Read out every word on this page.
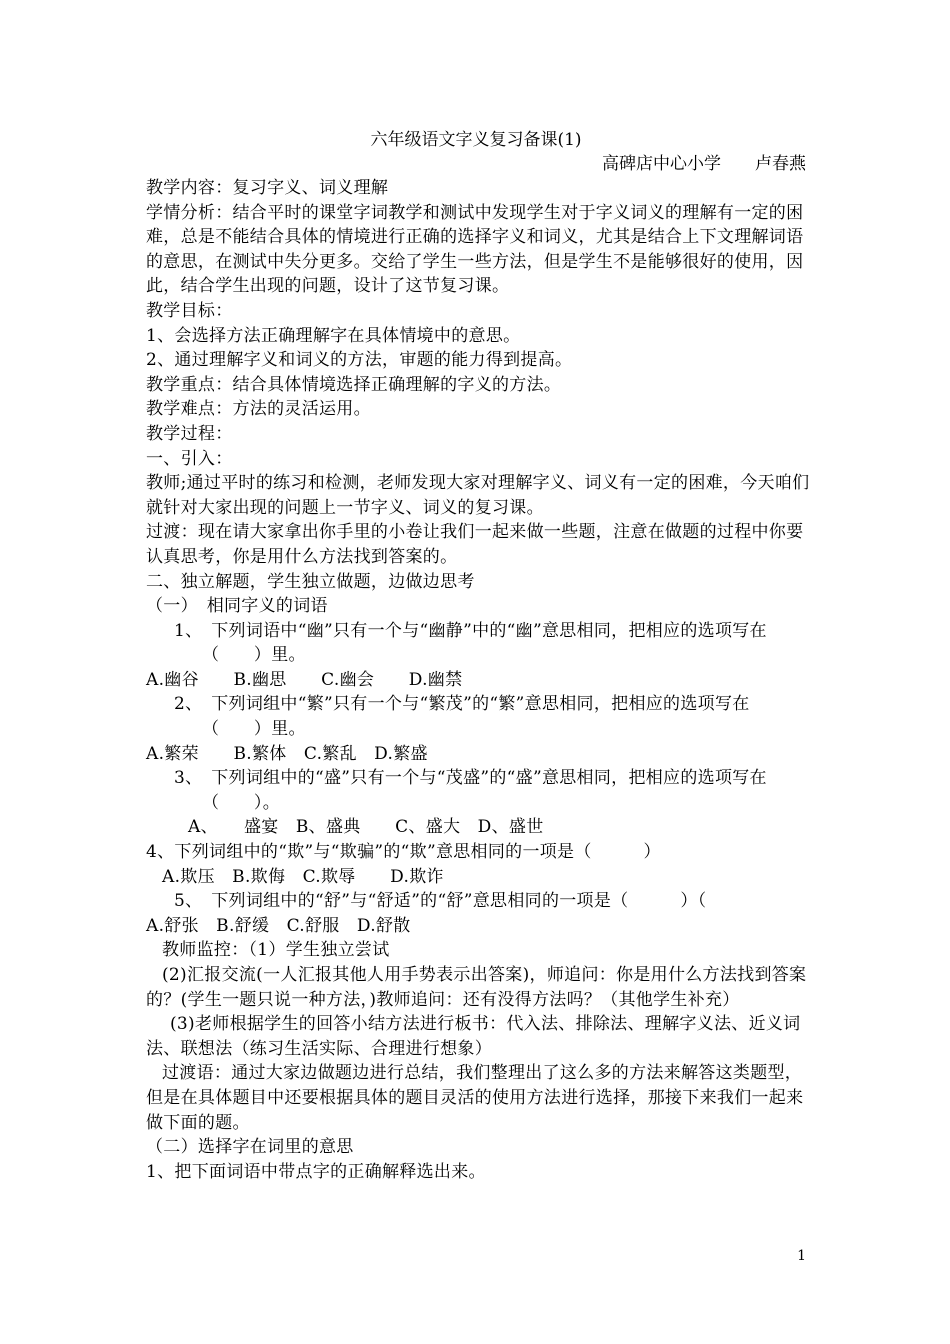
六年级语文字义复习备课(1)
高碑店中心小学　　卢春燕

教学内容：复习字义、词义理解

学情分析：结合平时的课堂字词教学和测试中发现学生对于字义词义的理解有一定的困难，总是不能结合具体的情境进行正确的选择字义和词义，尤其是结合上下文理解词语的意思，在测试中失分更多。交给了学生一些方法，但是学生不是能够很好的使用，因此，结合学生出现的问题，设计了这节复习课。

教学目标：

1、会选择方法正确理解字在具体情境中的意思。

2、通过理解字义和词义的方法，审题的能力得到提高。

教学重点：结合具体情境选择正确理解的字义的方法。

教学难点：方法的灵活运用。

教学过程：

一、引入：

教师;通过平时的练习和检测，老师发现大家对理解字义、词义有一定的困难，今天咱们就针对大家出现的问题上一节字义、词义的复习课。

过渡：现在请大家拿出你手里的小卷让我们一起来做一些题，注意在做题的过程中你要认真思考，你是用什么方法找到答案的。

二、独立解题，学生独立做题，边做边思考

（一）　相同字义的词语

1、　下列词语中“幽”只有一个与“幽静”中的“幽”意思相同，把相应的选项写在（　　）里。

A.幽谷　　B.幽思　　C.幽会　　D.幽禁

2、　下列词组中“繁”只有一个与“繁茂”的“繁”意思相同，把相应的选项写在（　　）里。

A.繁荣　　B.繁体　C.繁乱　D.繁盛

3、　下列词组中的“盛”只有一个与“茂盛”的“盛”意思相同，把相应的选项写在（　　）。

A、　　盛宴　B、盛典　　C、盛大　D、盛世

4、下列词组中的“欺”与“欺骗”的“欺”意思相同的一项是（　　　）

A.欺压　B.欺侮　C.欺辱　　D.欺诈

5、　下列词组中的“舒”与“舒适”的“舒”意思相同的一项是（　　　）（

A.舒张　B.舒缓　C.舒服　D.舒散

教师监控：（1）学生独立尝试

(2)汇报交流(一人汇报其他人用手势表示出答案)，师追问：你是用什么方法找到答案的？(学生一题只说一种方法，)教师追问：还有没得方法吗？（其他学生补充）

(3)老师根据学生的回答小结方法进行板书：代入法、排除法、理解字义法、近义词法、联想法（练习生活实际、合理进行想象）

过渡语：通过大家边做题边进行总结，我们整理出了这么多的方法来解答这类题型，但是在具体题目中还要根据具体的题目灵活的使用方法进行选择，那接下来我们一起来做下面的题。

（二）选择字在词里的意思

1、把下面词语中带点字的正确解释选出来。

1
